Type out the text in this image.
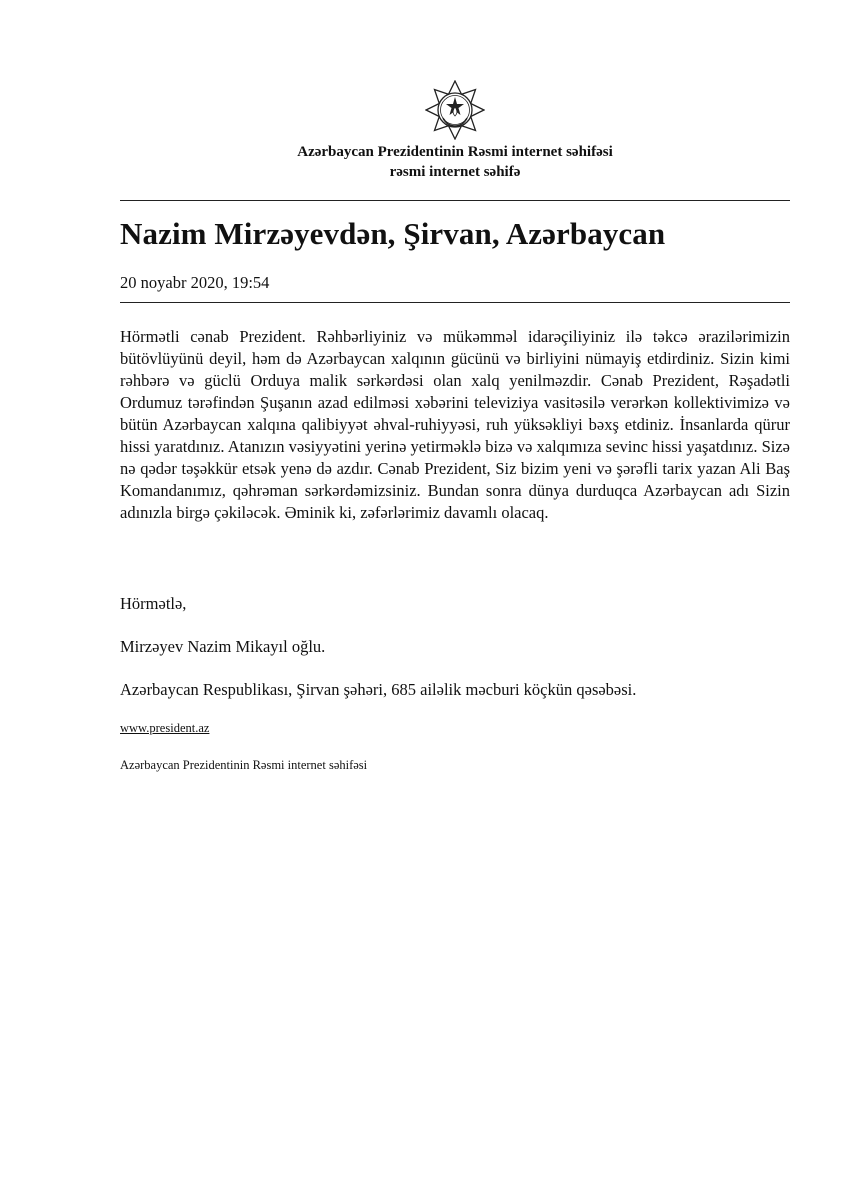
Azərbaycan Prezidentinin Rəsmi internet səhifəsi
rəsmi internet səhifə
Nazim Mirzəyevdən, Şirvan, Azərbaycan
20 noyabr 2020, 19:54
Hörmətli cənab Prezident. Rəhbərliyiniz və mükəmməl idarəçiliyiniz ilə təkcə ərazilərimizin bütövlüyünü deyil, həm də Azərbaycan xalqının gücünü və birliyini nümayiş etdirdiniz. Sizin kimi rəhbərə və güclü Orduya malik sərkərdəsi olan xalq yenilməzdir. Cənab Prezident, Rəşadətli Ordumuz tərəfindən Şuşanın azad edilməsi xəbərini televiziya vasitəsilə verərkən kollektivimizə və bütün Azərbaycan xalqına qalibiyyət əhval-ruhiyyəsi, ruh yüksəkliyi bəxş etdiniz. İnsanlarda qürur hissi yaratdınız. Atanızın vəsiyyətini yerinə yetirməklə bizə və xalqımıza sevinc hissi yaşatdınız. Sizə nə qədər təşəkkür etsək yenə də azdır. Cənab Prezident, Siz bizim yeni və şərəfli tarix yazan Ali Baş Komandanımız, qəhrəman sərkərdəmizsiniz. Bundan sonra dünya durduqca Azərbaycan adı Sizin adınızla birgə çəkiləcək. Əminik ki, zəfərlərimiz davamlı olacaq.
Hörmətlə,
Mirzəyev Nazim Mikayıl oğlu.
Azərbaycan Respublikası, Şirvan şəhəri, 685 ailəlik məcburi köçkün qəsəbəsi.
www.president.az
Azərbaycan Prezidentinin Rəsmi internet səhifəsi
